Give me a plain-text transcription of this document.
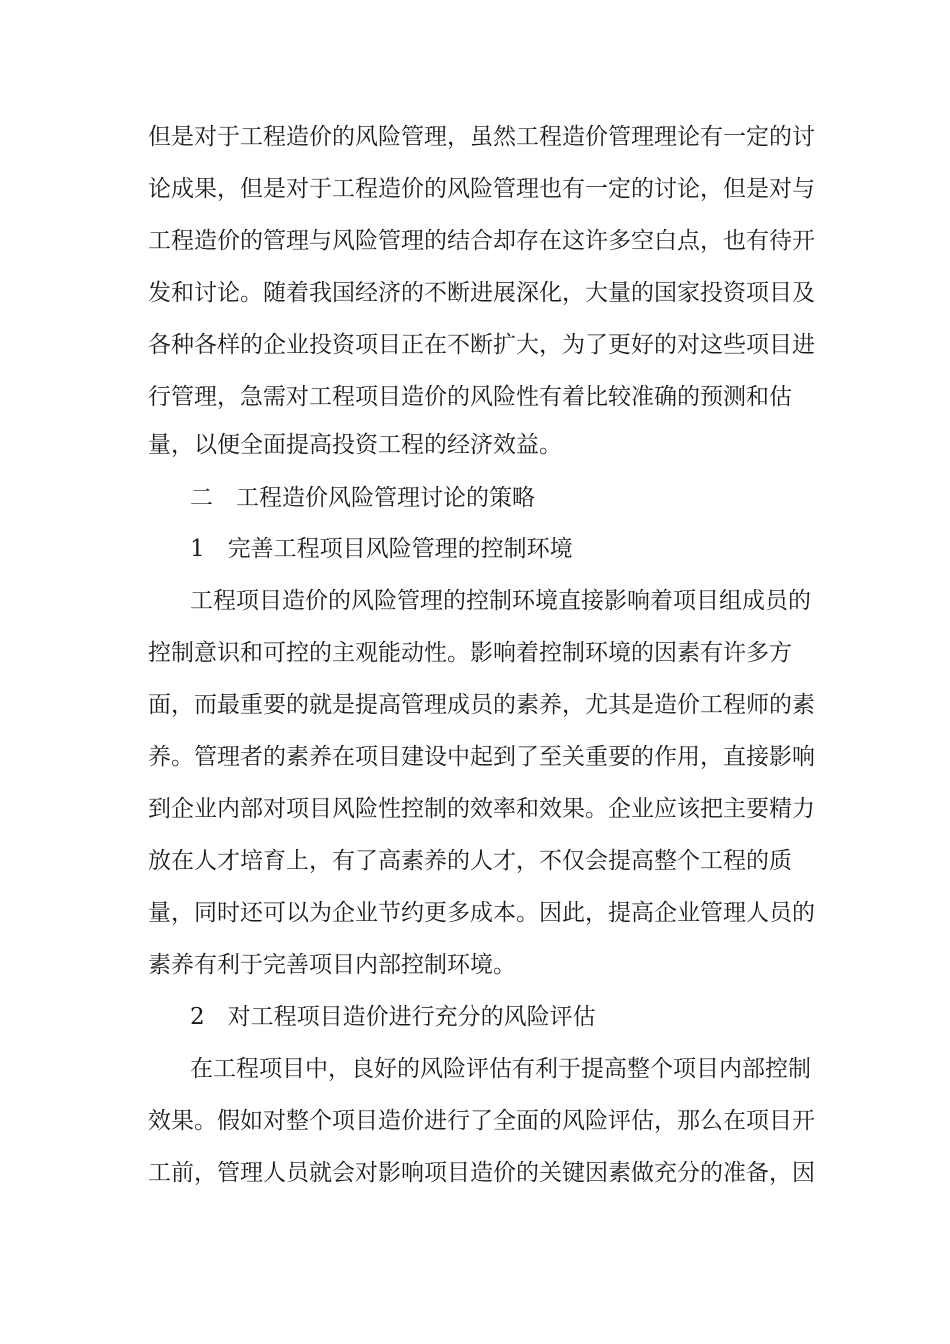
但是对于工程造价的风险管理，虽然工程造价管理理论有一定的讨
论成果，但是对于工程造价的风险管理也有一定的讨论，但是对与
工程造价的管理与风险管理的结合却存在这许多空白点，也有待开
发和讨论。随着我国经济的不断进展深化，大量的国家投资项目及
各种各样的企业投资项目正在不断扩大，为了更好的对这些项目进
行管理，急需对工程项目造价的风险性有着比较准确的预测和估
量，以便全面提高投资工程的经济效益。
二　工程造价风险管理讨论的策略
1　完善工程项目风险管理的控制环境
工程项目造价的风险管理的控制环境直接影响着项目组成员的
控制意识和可控的主观能动性。影响着控制环境的因素有许多方
面，而最重要的就是提高管理成员的素养，尤其是造价工程师的素
养。管理者的素养在项目建设中起到了至关重要的作用，直接影响
到企业内部对项目风险性控制的效率和效果。企业应该把主要精力
放在人才培育上，有了高素养的人才，不仅会提高整个工程的质
量，同时还可以为企业节约更多成本。因此，提高企业管理人员的
素养有利于完善项目内部控制环境。
2　对工程项目造价进行充分的风险评估
在工程项目中，良好的风险评估有利于提高整个项目内部控制
效果。假如对整个项目造价进行了全面的风险评估，那么在项目开
工前，管理人员就会对影响项目造价的关键因素做充分的准备，因
